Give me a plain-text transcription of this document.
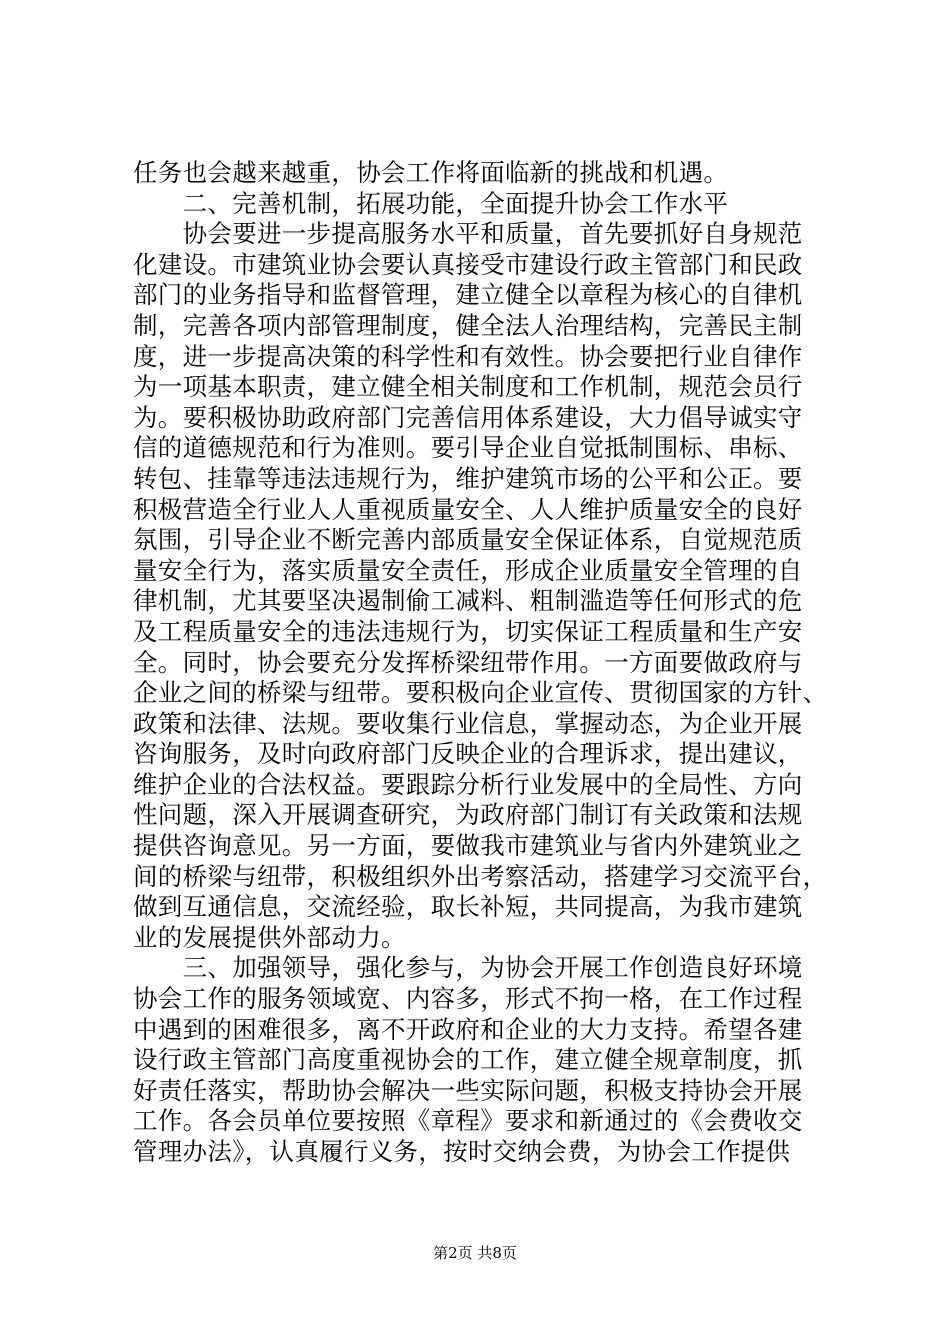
任务也会越来越重，协会工作将面临新的挑战和机遇。
　　二、完善机制，拓展功能，全面提升协会工作水平
　　协会要进一步提高服务水平和质量，首先要抓好自身规范
化建设。市建筑业协会要认真接受市建设行政主管部门和民政
部门的业务指导和监督管理，建立健全以章程为核心的自律机
制，完善各项内部管理制度，健全法人治理结构，完善民主制
度，进一步提高决策的科学性和有效性。协会要把行业自律作
为一项基本职责，建立健全相关制度和工作机制，规范会员行
为。要积极协助政府部门完善信用体系建设，大力倡导诚实守
信的道德规范和行为准则。要引导企业自觉抵制围标、串标、
转包、挂靠等违法违规行为，维护建筑市场的公平和公正。要
积极营造全行业人人重视质量安全、人人维护质量安全的良好
氛围，引导企业不断完善内部质量安全保证体系，自觉规范质
量安全行为，落实质量安全责任，形成企业质量安全管理的自
律机制，尤其要坚决遏制偷工减料、粗制滥造等任何形式的危
及工程质量安全的违法违规行为，切实保证工程质量和生产安
全。同时，协会要充分发挥桥梁纽带作用。一方面要做政府与
企业之间的桥梁与纽带。要积极向企业宣传、贯彻国家的方针、
政策和法律、法规。要收集行业信息，掌握动态，为企业开展
咨询服务，及时向政府部门反映企业的合理诉求，提出建议，
维护企业的合法权益。要跟踪分析行业发展中的全局性、方向
性问题，深入开展调查研究，为政府部门制订有关政策和法规
提供咨询意见。另一方面，要做我市建筑业与省内外建筑业之
间的桥梁与纽带，积极组织外出考察活动，搭建学习交流平台，
做到互通信息，交流经验，取长补短，共同提高，为我市建筑
业的发展提供外部动力。
　　三、加强领导，强化参与，为协会开展工作创造良好环境
协会工作的服务领域宽、内容多，形式不拘一格，在工作过程
中遇到的困难很多，离不开政府和企业的大力支持。希望各建
设行政主管部门高度重视协会的工作，建立健全规章制度，抓
好责任落实，帮助协会解决一些实际问题，积极支持协会开展
工作。各会员单位要按照《章程》要求和新通过的《会费收交
管理办法》，认真履行义务，按时交纳会费，为协会工作提供
第2页 共8页
